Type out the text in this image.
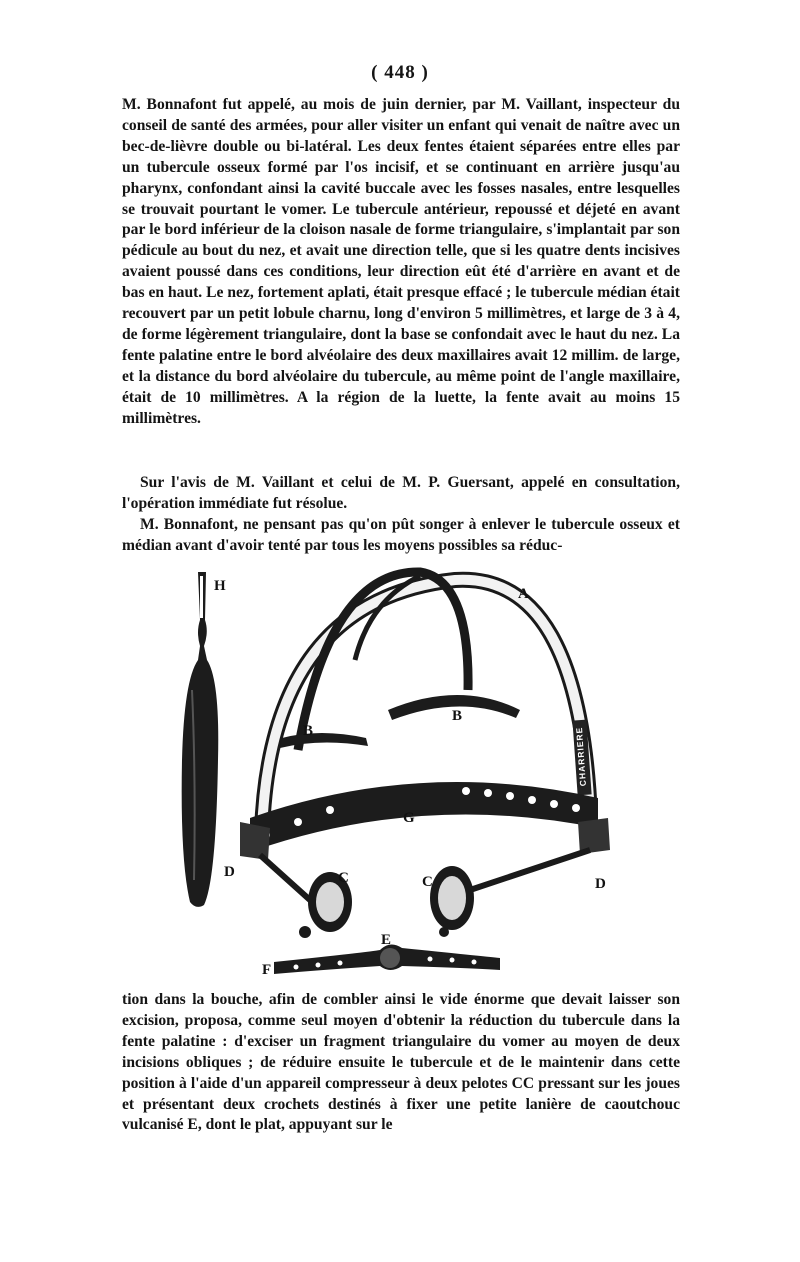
( 448 )

M. Bonnafont fut appelé, au mois de juin dernier, par M. Vaillant, inspecteur du conseil de santé des armées, pour aller visiter un enfant qui venait de naître avec un bec-de-lièvre double ou bi-latéral. Les deux fentes étaient séparées entre elles par un tubercule osseux formé par l'os incisif, et se continuant en arrière jusqu'au pharynx, confondant ainsi la cavité buccale avec les fosses nasales, entre lesquelles se trouvait pourtant le vomer. Le tubercule antérieur, repoussé et déjeté en avant par le bord inférieur de la cloison nasale de forme triangulaire, s'implantait par son pédicule au bout du nez, et avait une direction telle, que si les quatre dents incisives avaient poussé dans ces conditions, leur direction eût été d'arrière en avant et de bas en haut. Le nez, fortement aplati, était presque effacé ; le tubercule médian était recouvert par un petit lobule charnu, long d'environ 5 millimètres, et large de 3 à 4, de forme légèrement triangulaire, dont la base se confondait avec le haut du nez. La fente palatine entre le bord alvéolaire des deux maxillaires avait 12 millim. de large, et la distance du bord alvéolaire du tubercule, au même point de l'angle maxillaire, était de 10 millimètres. A la région de la luette, la fente avait au moins 15 millimètres.

Sur l'avis de M. Vaillant et celui de M. P. Guersant, appelé en consultation, l'opération immédiate fut résolue.

M. Bonnafont, ne pensant pas qu'on pût songer à enlever le tubercule osseux et médian avant d'avoir tenté par tous les moyens possibles sa réduc-

H
CHARRIERE
A
B
B
G
D
D
C	C
E
F

tion dans la bouche, afin de combler ainsi le vide énorme que devait laisser son excision, proposa, comme seul moyen d'obtenir la réduction du tubercule dans la fente palatine : d'exciser un fragment triangulaire du vomer au moyen de deux incisions obliques ; de réduire ensuite le tubercule et de le maintenir dans cette position à l'aide d'un appareil compresseur à deux pelotes CC pressant sur les joues et présentant deux crochets destinés à fixer une petite lanière de caoutchouc vulcanisé E, dont le plat, appuyant sur le
